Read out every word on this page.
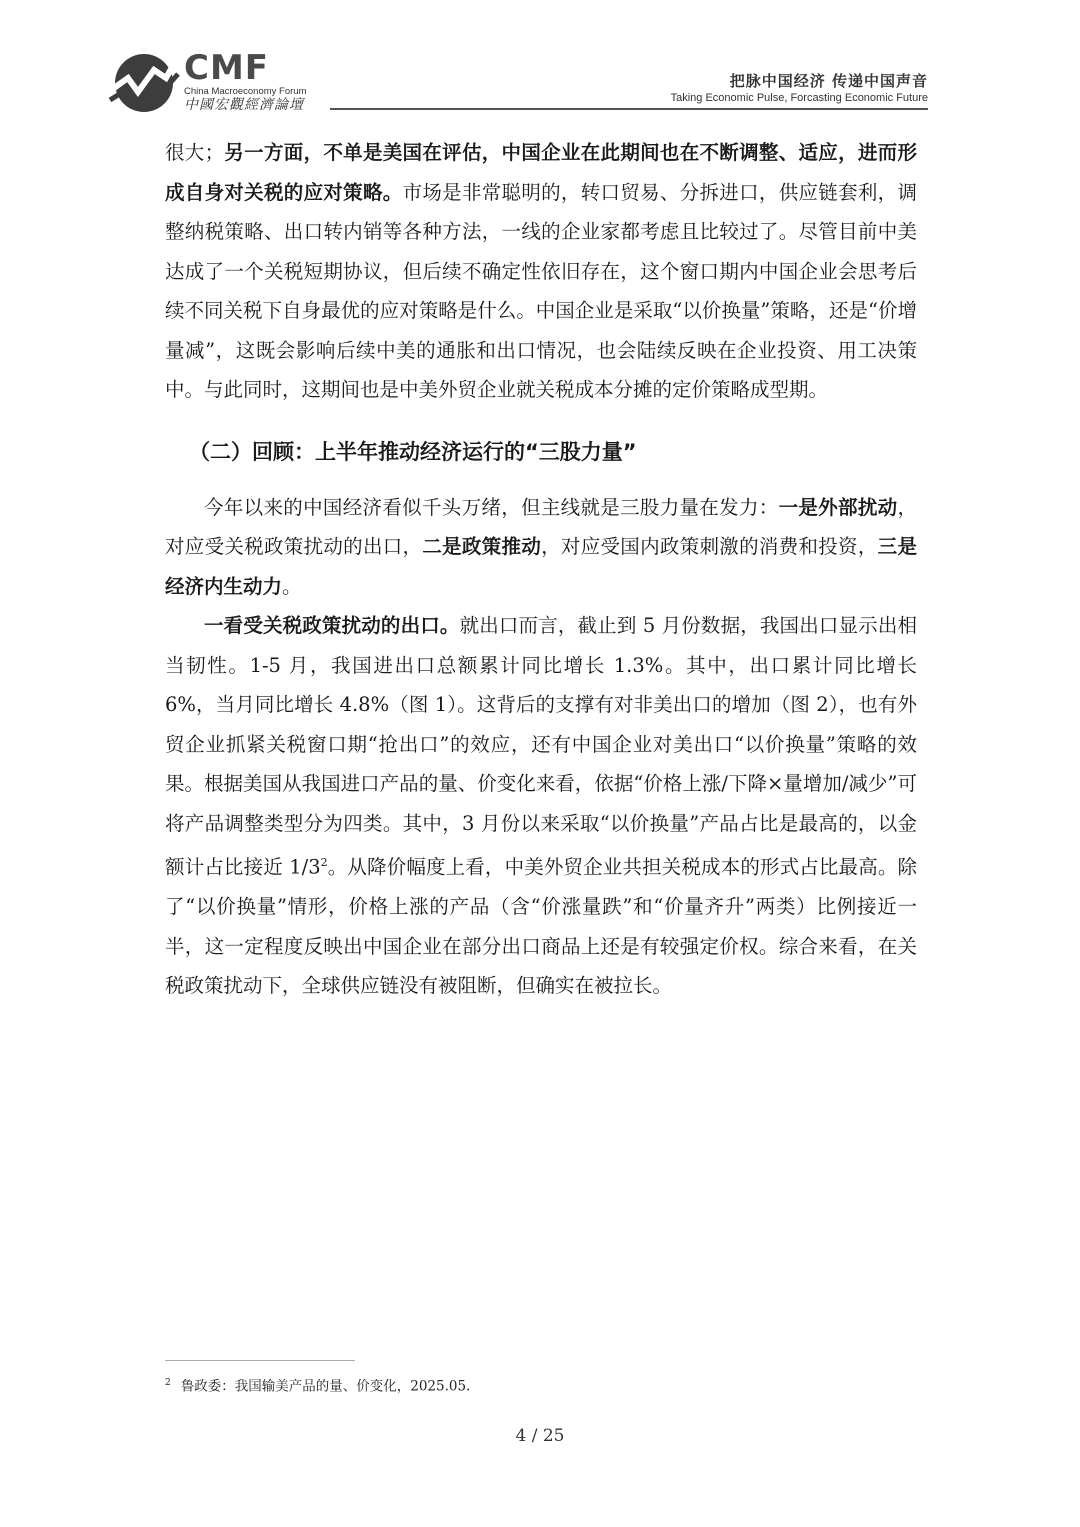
CMF
China Macroeconomy Forum
中國宏觀經濟論壇
把脉中国经济 传递中国声音
Taking Economic Pulse, Forcasting Economic Future

很大；另一方面，不单是美国在评估，中国企业在此期间也在不断调整、适应，进而形成自身对关税的应对策略。市场是非常聪明的，转口贸易、分拆进口，供应链套利，调整纳税策略、出口转内销等各种方法，一线的企业家都考虑且比较过了。尽管目前中美达成了一个关税短期协议，但后续不确定性依旧存在，这个窗口期内中国企业会思考后续不同关税下自身最优的应对策略是什么。中国企业是采取“以价换量”策略，还是“价增量减”，这既会影响后续中美的通胀和出口情况，也会陆续反映在企业投资、用工决策中。与此同时，这期间也是中美外贸企业就关税成本分摊的定价策略成型期。

（二）回顾：上半年推动经济运行的“三股力量”

今年以来的中国经济看似千头万绪，但主线就是三股力量在发力：一是外部扰动，对应受关税政策扰动的出口，二是政策推动，对应受国内政策刺激的消费和投资，三是经济内生动力。

一看受关税政策扰动的出口。就出口而言，截止到 5 月份数据，我国出口显示出相当韧性。1-5 月，我国进出口总额累计同比增长 1.3%。其中，出口累计同比增长 6%，当月同比增长 4.8%（图 1）。这背后的支撑有对非美出口的增加（图 2），也有外贸企业抓紧关税窗口期“抢出口”的效应，还有中国企业对美出口“以价换量”策略的效果。根据美国从我国进口产品的量、价变化来看，依据“价格上涨/下降×量增加/减少”可将产品调整类型分为四类。其中，3 月份以来采取“以价换量”产品占比是最高的，以金额计占比接近 $1/3^2$。从降价幅度上看，中美外贸企业共担关税成本的形式占比最高。除了“以价换量”情形，价格上涨的产品（含“价涨量跌”和“价量齐升”两类）比例接近一半，这一定程度反映出中国企业在部分出口商品上还是有较强定价权。综合来看，在关税政策扰动下，全球供应链没有被阻断，但确实在被拉长。

$^2$ 鲁政委：我国输美产品的量、价变化，2025.05.
4 / 25
